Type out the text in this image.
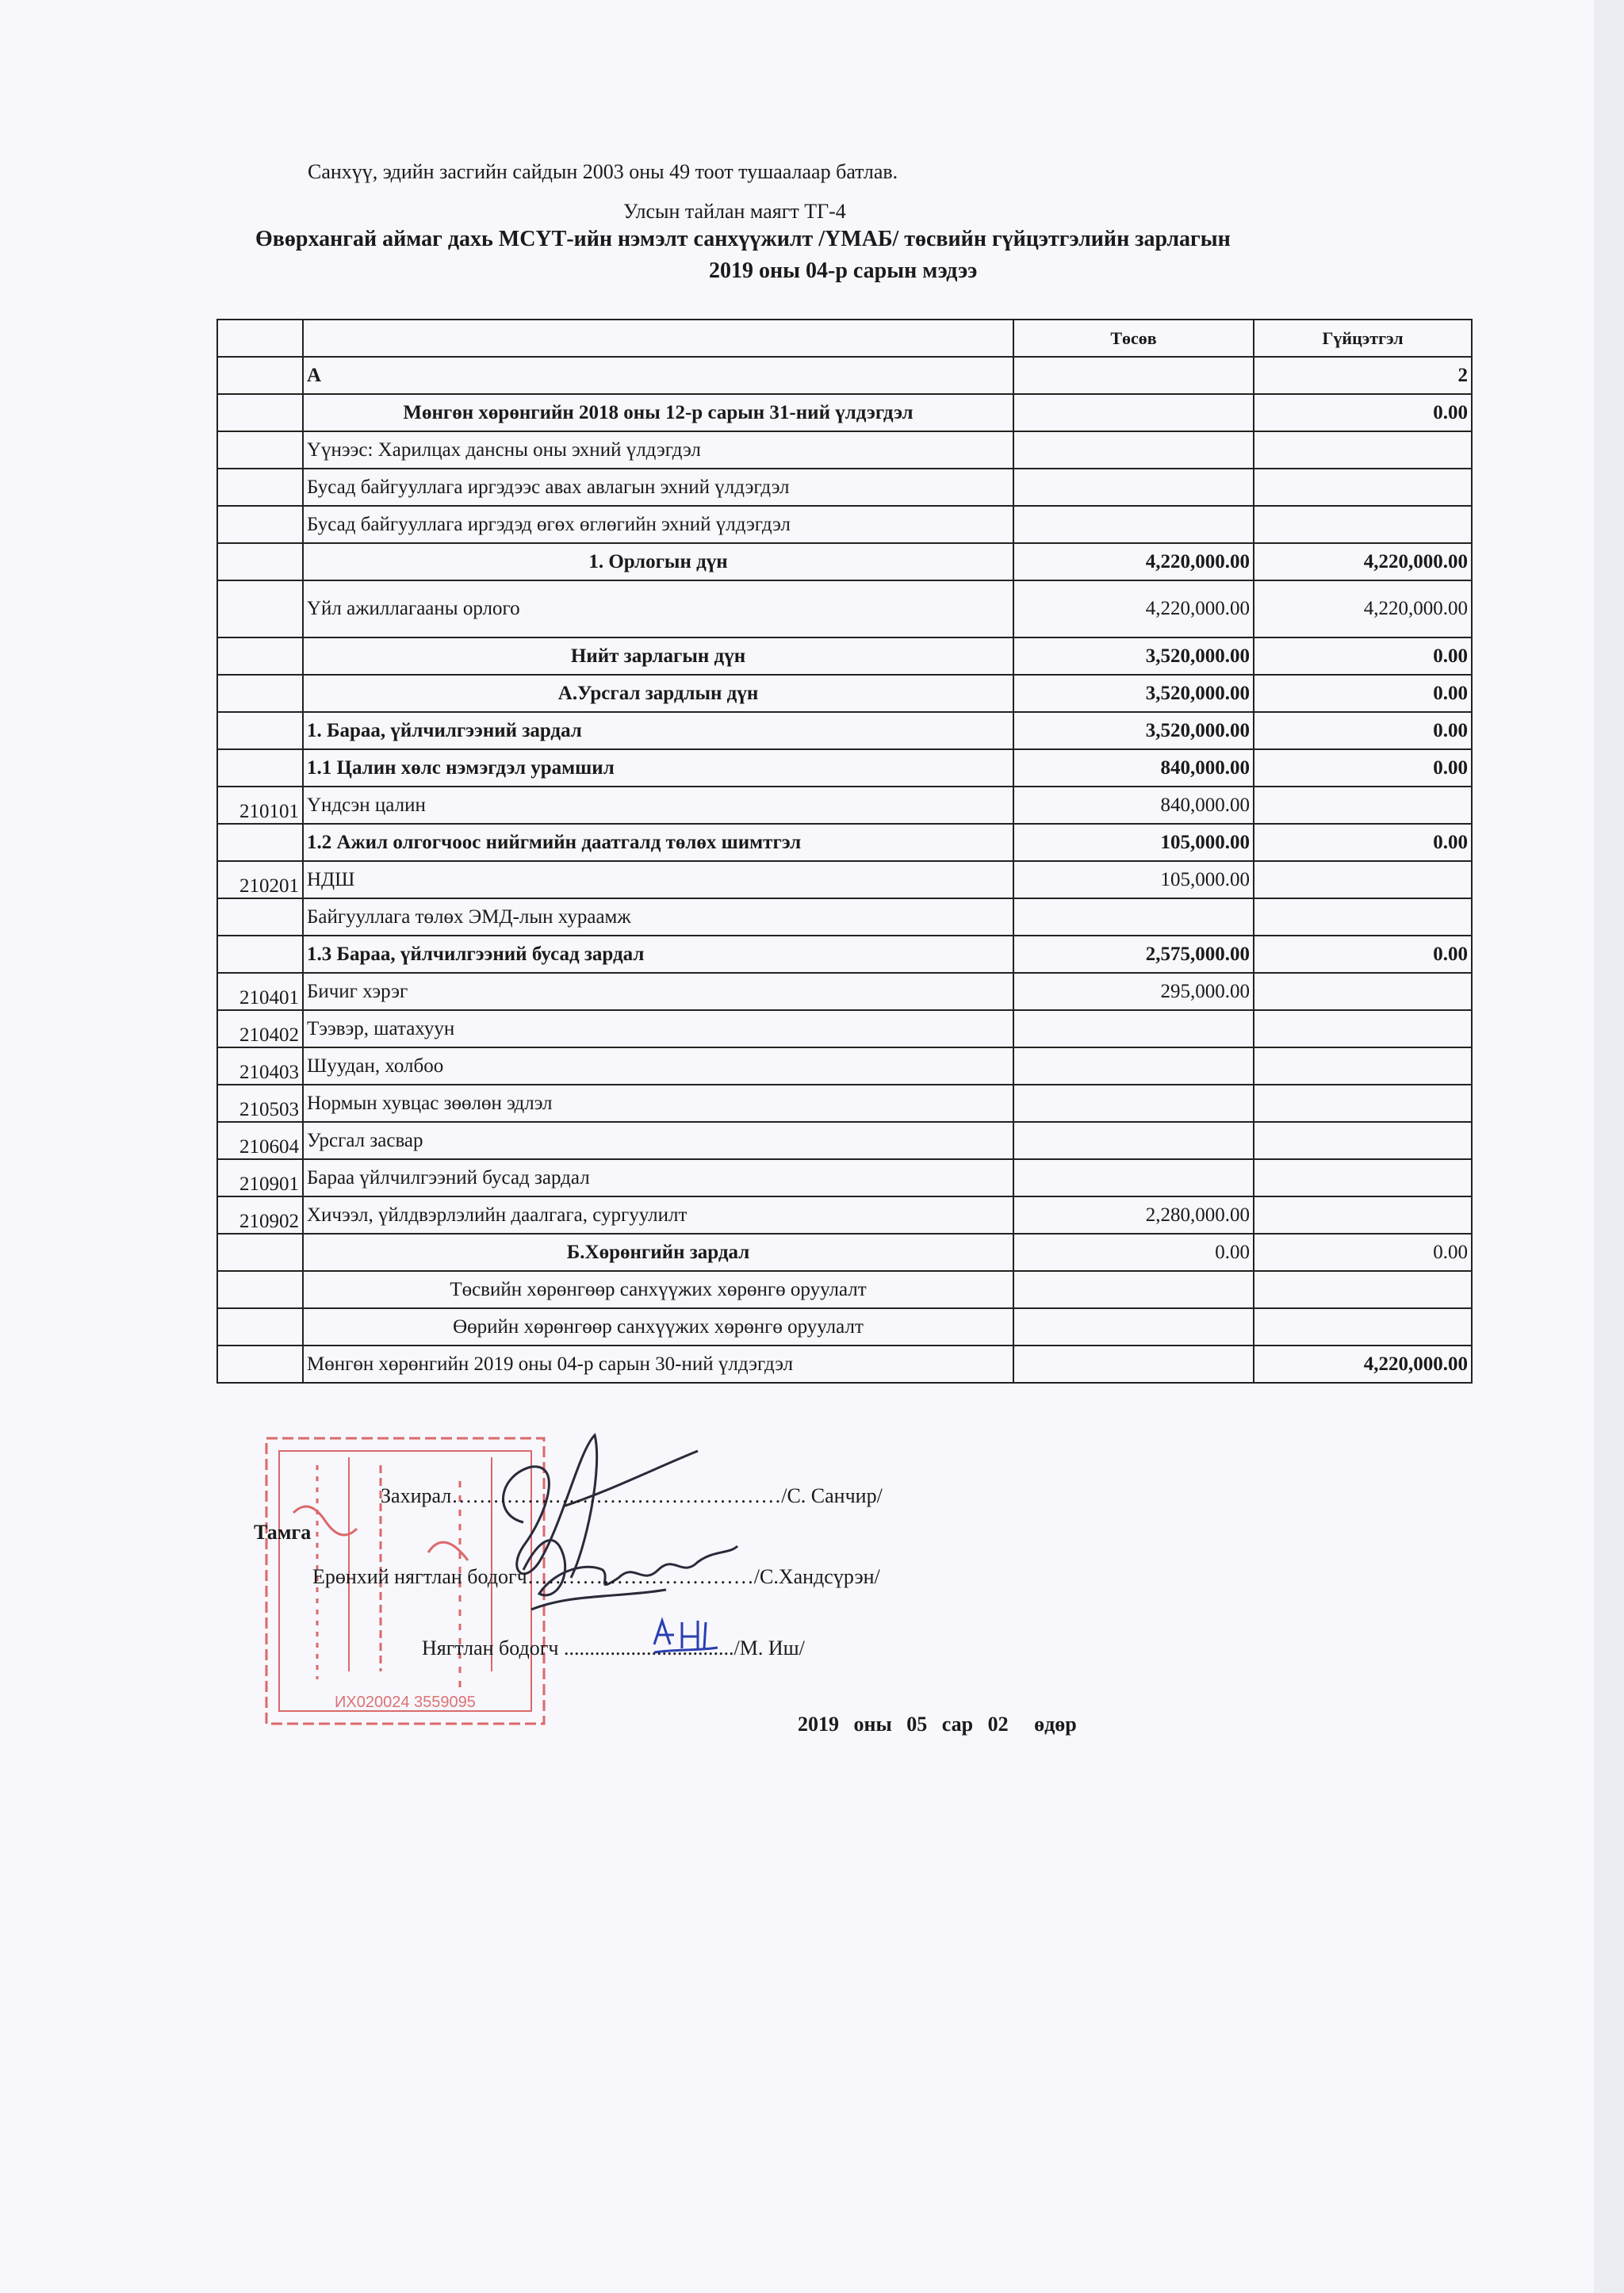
Санхүү, эдийн засгийн сайдын 2003 оны 49 тоот тушаалаар батлав.
Улсын тайлан маягт ТГ-4
Өвөрхангай аймаг дахь МСҮТ-ийн нэмэлт санхүүжилт /ҮМАБ/ төсвийн гүйцэтгэлийн зарлагын
2019 оны 04-р сарын мэдээ
		Төсөв	Гүйцэтгэл
	А		2
	Мөнгөн хөрөнгийн 2018 оны 12-р сарын 31-ний үлдэгдэл		0.00
	Үүнээс: Харилцах дансны оны эхний үлдэгдэл		
	Бусад байгууллага иргэдээс авах авлагын эхний үлдэгдэл		
	Бусад байгууллага иргэдэд өгөх өглөгийн эхний үлдэгдэл		
	1. Орлогын дүн	4,220,000.00	4,220,000.00
	Үйл ажиллагааны орлого	4,220,000.00	4,220,000.00
	Нийт зарлагын дүн	3,520,000.00	0.00
	А.Урсгал зардлын дүн	3,520,000.00	0.00
	1. Бараа, үйлчилгээний зардал	3,520,000.00	0.00
	1.1 Цалин хөлс нэмэгдэл урамшил	840,000.00	0.00
210101	Үндсэн цалин	840,000.00	
	1.2 Ажил олгогчоос нийгмийн даатгалд төлөх шимтгэл	105,000.00	0.00
210201	НДШ	105,000.00	
	Байгууллага төлөх ЭМД-лын хураамж		
	1.3 Бараа, үйлчилгээний бусад зардал	2,575,000.00	0.00
210401	Бичиг хэрэг	295,000.00	
210402	Тээвэр, шатахуун		
210403	Шуудан, холбоо		
210503	Нормын хувцас зөөлөн эдлэл		
210604	Урсгал засвар		
210901	Бараа үйлчилгээний бусад зардал		
210902	Хичээл, үйлдвэрлэлийн даалгага, сургуулилт	2,280,000.00	
	Б.Хөрөнгийн зардал	0.00	0.00
	Төсвийн хөрөнгөөр санхүүжих хөрөнгө оруулалт		
	Өөрийн хөрөнгөөр санхүүжих хөрөнгө оруулалт		
	Мөнгөн хөрөнгийн 2019 оны 04-р сарын 30-ний үлдэгдэл		4,220,000.00
ИХ020024 3559095
Тамга
Захирал…………………………………………/С. Санчир/
Ерөнхий нягтлан бодогч……………………………/С.Хандсүрэн/
Нягтлан бодогч ................................./М. Иш/
2019 оны 05 сар 02 өдөр
